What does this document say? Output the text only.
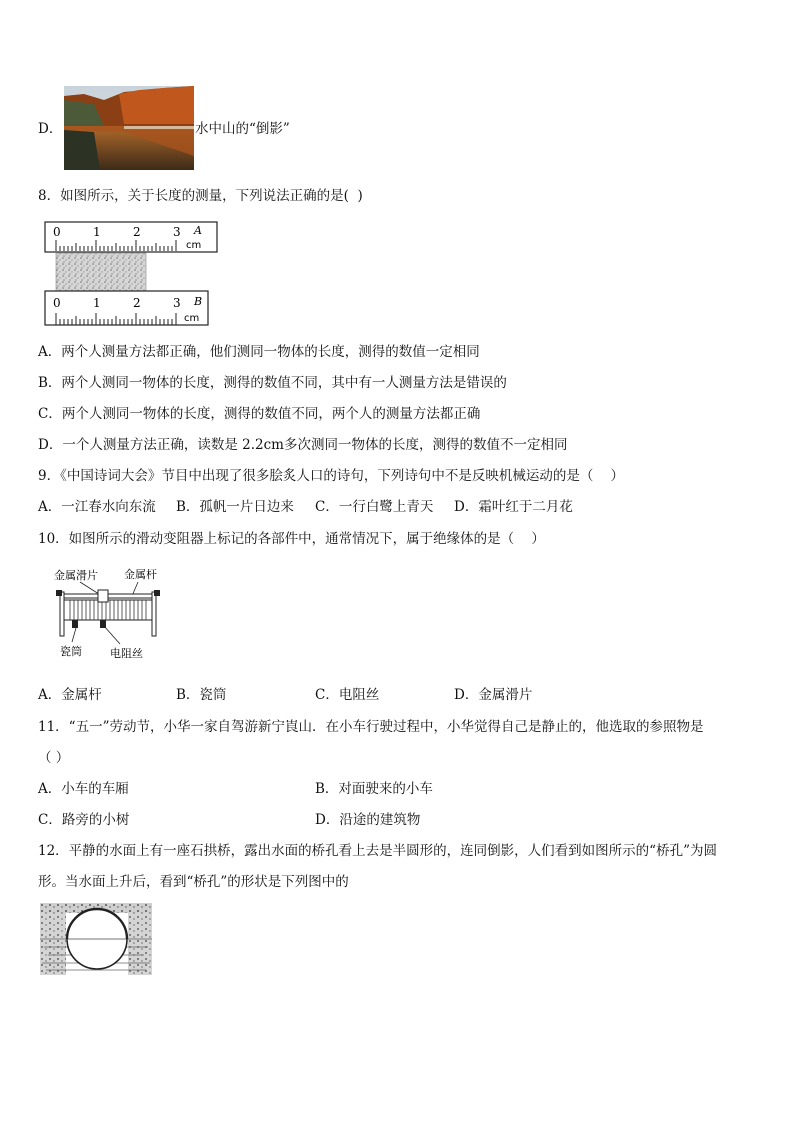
D．	水中山的“倒影”
8．如图所示，关于长度的测量，下列说法正确的是(  )
0	1	2	3 A
cm
0	1	2	3 B
cm
A．两个人测量方法都正确，他们测同一物体的长度，测得的数值一定相同
B．两个人测同一物体的长度，测得的数值不同，其中有一人测量方法是错误的
C．两个人测同一物体的长度，测得的数值不同，两个人的测量方法都正确
D．一个人测量方法正确，读数是 2.2cm多次测同一物体的长度，测得的数值不一定相同
9．《中国诗词大会》节目中出现了很多脍炙人口的诗句，下列诗句中不是反映机械运动的是（    ）
A．一江春水向东流 B．孤帆一片日边来 C．一行白鹭上青天 D．霜叶红于二月花
10．如图所示的滑动变阻器上标记的各部件中，通常情况下，属于绝缘体的是（    ）
金属滑片 金属杆
瓷筒	电阻丝
A．金属杆	B．瓷筒	C．电阻丝	D．金属滑片
11．“五一”劳动节，小华一家自驾游新宁崀山．在小车行驶过程中，小华觉得自己是静止的，他选取的参照物是
（ ）
A．小车的车厢	B．对面驶来的小车
C．路旁的小树	D．沿途的建筑物
12．平静的水面上有一座石拱桥，露出水面的桥孔看上去是半圆形的，连同倒影，人们看到如图所示的“桥孔”为圆
形。当水面上升后，看到“桥孔”的形状是下列图中的
